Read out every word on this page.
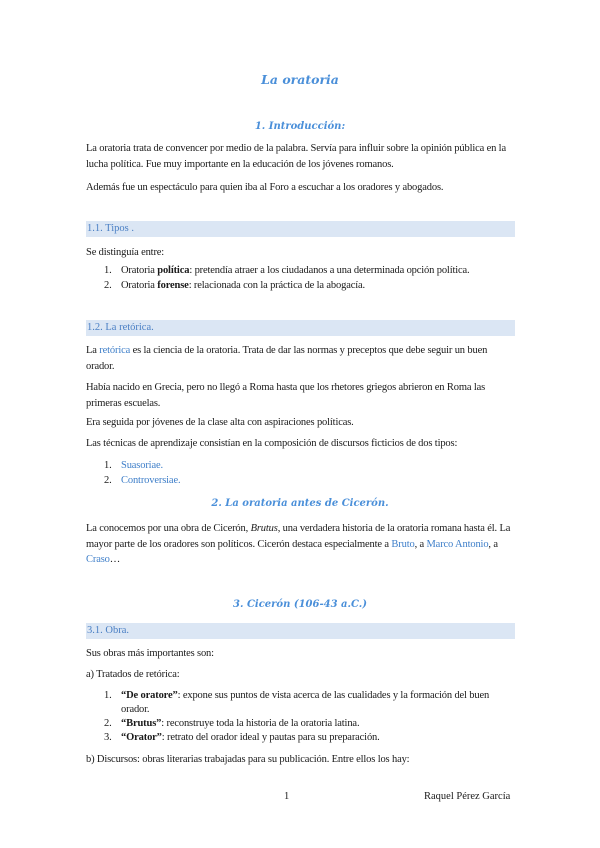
La oratoria
1. Introducción:
La oratoria trata de convencer por medio de la palabra. Servía para influir sobre la opinión pública en la lucha política. Fue muy importante en la educación de los jóvenes romanos.
Además fue un espectáculo para quien iba al Foro a escuchar a los oradores y abogados.
1.1. Tipos .
Se distinguía entre:
1. Oratoria política: pretendía atraer a los ciudadanos a una determinada opción política.
2. Oratoria forense: relacionada con la práctica de la abogacía.
1.2. La retórica.
La retórica es la ciencia de la oratoria. Trata de dar las normas y preceptos que debe seguir un buen orador.
Había nacido en Grecia, pero no llegó a Roma hasta que los rhetores griegos abrieron en Roma las primeras escuelas.
Era seguida por jóvenes de la clase alta con aspiraciones políticas.
Las técnicas de aprendizaje consistían en la composición de discursos ficticios de dos tipos:
1. Suasoriae.
2. Controversiae.
2. La oratoria antes de Cicerón.
La conocemos por una obra de Cicerón, Brutus, una verdadera historia de la oratoria romana hasta él. La mayor parte de los oradores son políticos. Cicerón destaca especialmente a Bruto, a Marco Antonio, a Craso…
3. Cicerón (106-43 a.C.)
3.1. Obra.
Sus obras más importantes son:
a) Tratados de retórica:
1. “De oratore”: expone sus puntos de vista acerca de las cualidades y la formación del buen orador.
2. “Brutus”: reconstruye toda la historia de la oratoria latina.
3. “Orator”: retrato del orador ideal y pautas para su preparación.
b) Discursos: obras literarias trabajadas para su publicación. Entre ellos los hay:
1	Raquel Pérez García
